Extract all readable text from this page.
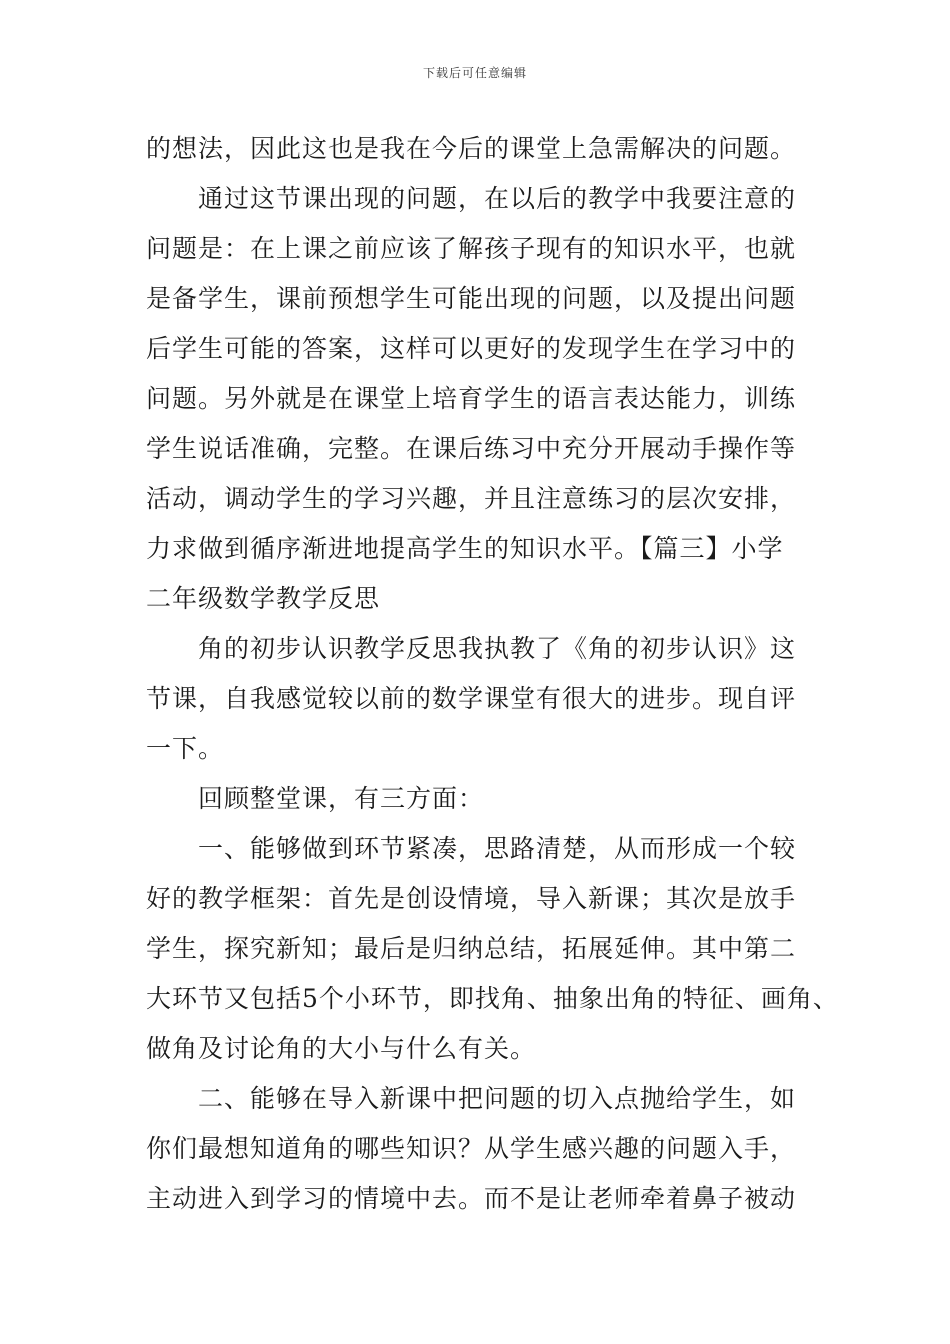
下载后可任意编辑
的想法，因此这也是我在今后的课堂上急需解决的问题。
通过这节课出现的问题，在以后的教学中我要注意的
问题是：在上课之前应该了解孩子现有的知识水平，也就
是备学生，课前预想学生可能出现的问题，以及提出问题
后学生可能的答案，这样可以更好的发现学生在学习中的
问题。另外就是在课堂上培育学生的语言表达能力，训练
学生说话准确，完整。在课后练习中充分开展动手操作等
活动，调动学生的学习兴趣，并且注意练习的层次安排，
力求做到循序渐进地提高学生的知识水平。【篇三】小学
二年级数学教学反思
角的初步认识教学反思我执教了《角的初步认识》这
节课，自我感觉较以前的数学课堂有很大的进步。现自评
一下。
回顾整堂课，有三方面：
一、能够做到环节紧凑，思路清楚，从而形成一个较
好的教学框架：首先是创设情境，导入新课；其次是放手
学生，探究新知；最后是归纳总结，拓展延伸。其中第二
大环节又包括5个小环节，即找角、抽象出角的特征、画角、
做角及讨论角的大小与什么有关。
二、能够在导入新课中把问题的切入点抛给学生，如
你们最想知道角的哪些知识？从学生感兴趣的问题入手，
主动进入到学习的情境中去。而不是让老师牵着鼻子被动
